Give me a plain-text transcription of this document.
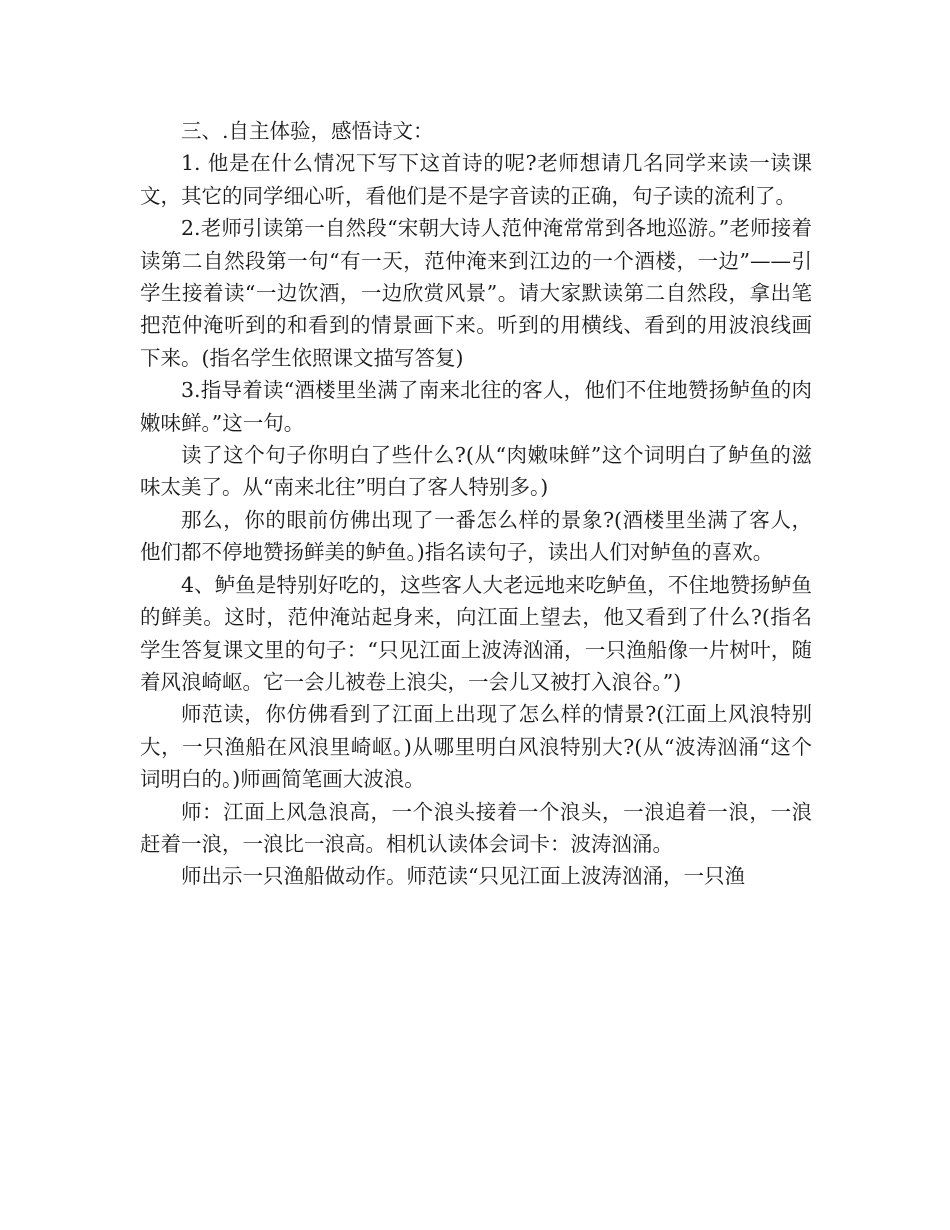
三、.自主体验，感悟诗文：

1. 他是在什么情况下写下这首诗的呢?老师想请几名同学来读一读课文，其它的同学细心听，看他们是不是字音读的正确，句子读的流利了。

2.老师引读第一自然段“宋朝大诗人范仲淹常常到各地巡游。”老师接着读第二自然段第一句“有一天，范仲淹来到江边的一个酒楼，一边”——引学生接着读“一边饮酒，一边欣赏风景”。请大家默读第二自然段，拿出笔把范仲淹听到的和看到的情景画下来。听到的用横线、看到的用波浪线画下来。(指名学生依照课文描写答复)

3.指导着读“酒楼里坐满了南来北往的客人，他们不住地赞扬鲈鱼的肉嫩味鲜。”这一句。

读了这个句子你明白了些什么?(从“肉嫩味鲜”这个词明白了鲈鱼的滋味太美了。从“南来北往”明白了客人特别多。)

那么，你的眼前仿佛出现了一番怎么样的景象?(酒楼里坐满了客人，他们都不停地赞扬鲜美的鲈鱼。)指名读句子，读出人们对鲈鱼的喜欢。

4、鲈鱼是特别好吃的，这些客人大老远地来吃鲈鱼，不住地赞扬鲈鱼的鲜美。这时，范仲淹站起身来，向江面上望去，他又看到了什么?(指名学生答复课文里的句子：“只见江面上波涛汹涌，一只渔船像一片树叶，随着风浪崎岖。它一会儿被卷上浪尖，一会儿又被打入浪谷。”)

师范读，你仿佛看到了江面上出现了怎么样的情景?(江面上风浪特别大，一只渔船在风浪里崎岖。)从哪里明白风浪特别大?(从“波涛汹涌“这个词明白的。)师画简笔画大波浪。

师：江面上风急浪高，一个浪头接着一个浪头，一浪追着一浪，一浪赶着一浪，一浪比一浪高。相机认读体会词卡：波涛汹涌。

师出示一只渔船做动作。师范读“只见江面上波涛汹涌，一只渔
